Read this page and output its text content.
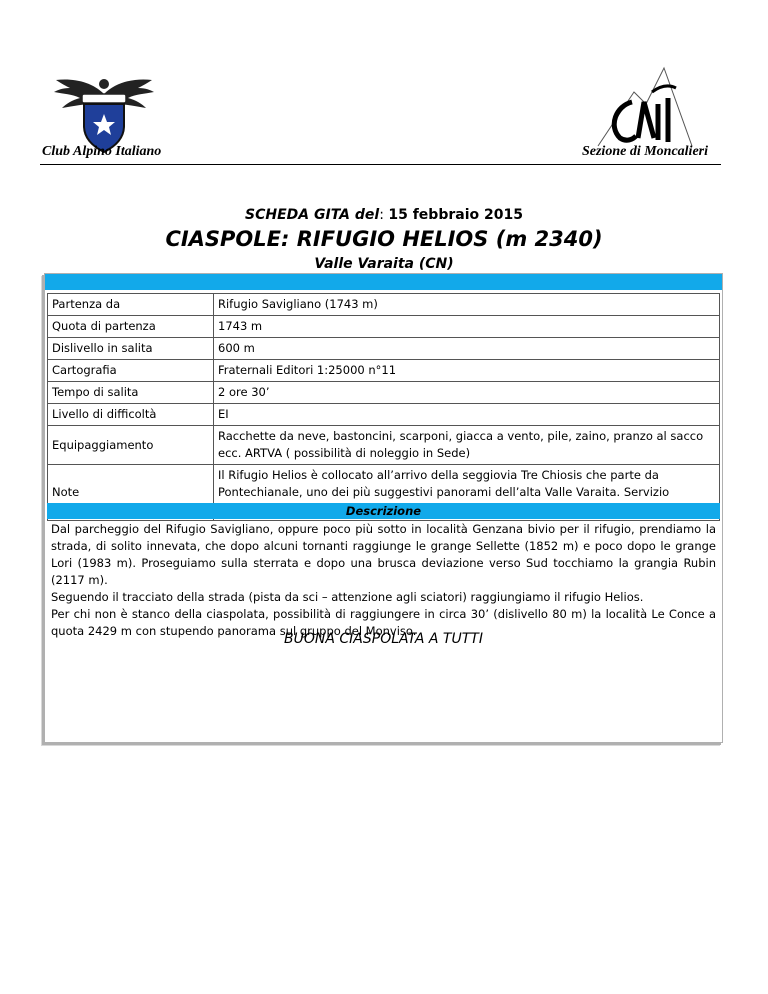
Club Alpino Italiano	Sezione di Moncalieri
SCHEDA GITA del: 15 febbraio 2015
CIASPOLE: RIFUGIO HELIOS (m 2340)
Valle Varaita (CN)
Partenza da	Rifugio Savigliano (1743 m)
Quota di partenza	1743 m
Dislivello in salita	600 m
Cartografia	Fraternali Editori 1:25000 n°11
Tempo di salita	2 ore 30’
Livello di difficoltà	EI
Equipaggiamento	Racchette da neve, bastoncini, scarponi, giacca a vento, pile, zaino, pranzo al sacco ecc. ARTVA ( possibilità di noleggio in Sede)
Note	Il Rifugio Helios è collocato all’arrivo della seggiovia Tre Chiosis che parte da Pontechianale, uno dei più suggestivi panorami dell’alta Valle Varaita. Servizio
Descrizione

Dal parcheggio del Rifugio Savigliano, oppure poco più sotto in località Genzana bivio per il rifugio, prendiamo la strada, di solito innevata, che dopo alcuni tornanti raggiunge le grange Sellette (1852 m) e poco dopo le grange Lori (1983 m). Proseguiamo sulla sterrata e dopo una brusca deviazione verso Sud tocchiamo la grangia Rubin (2117 m).

Seguendo il tracciato della strada (pista da sci – attenzione agli sciatori) raggiungiamo il rifugio Helios.

Per chi non è stanco della ciaspolata, possibilità di raggiungere in circa 30’ (dislivello 80 m) la località Le Conce a quota 2429 m con stupendo panorama sul gruppo del Monviso.

BUONA CIASPOLATA A TUTTI
